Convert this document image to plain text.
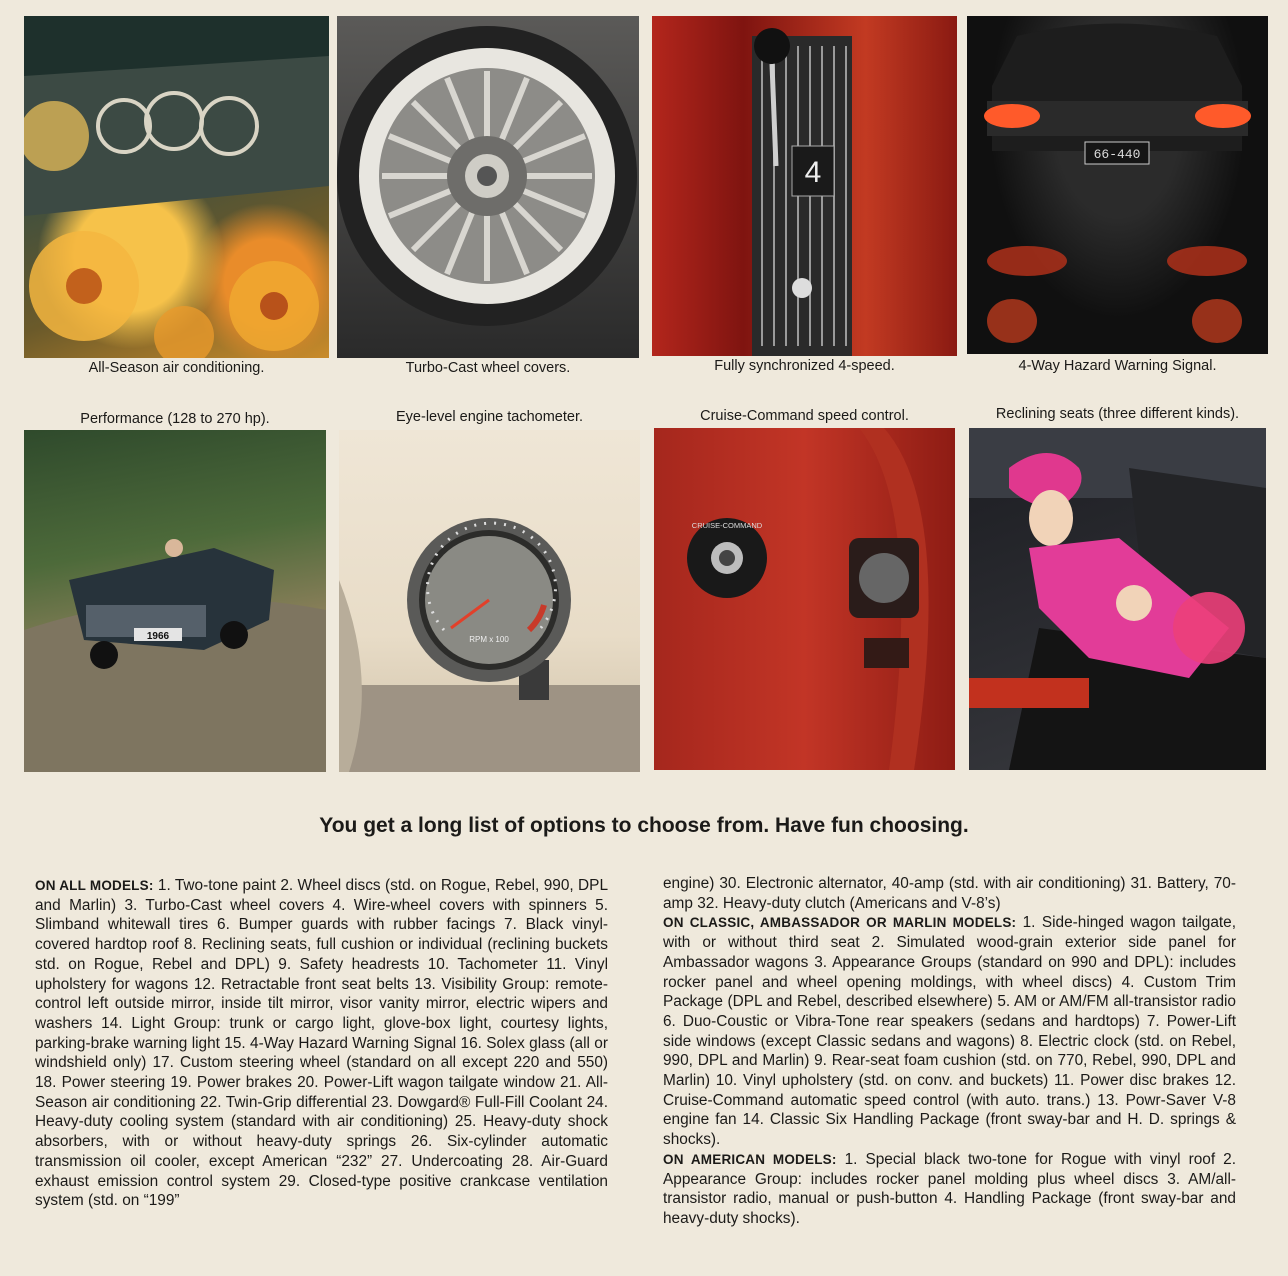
All-Season air conditioning.	Turbo-Cast wheel covers.
4
Fully synchronized 4-speed.
66-440
4-Way Hazard Warning Signal.
Performance (128 to 270 hp).	Eye-level engine tachometer.	Cruise-Command speed control.	Reclining seats (three different kinds).
1966	RPM x 100
CRUISE-COMMAND
You get a long list of options to choose from. Have fun choosing.
ON ALL MODELS: 1. Two-tone paint 2. Wheel discs (std. on Rogue, Rebel, 990, DPL and Marlin) 3. Turbo-Cast wheel covers 4. Wire-wheel covers with spinners 5. Slimband whitewall tires 6. Bumper guards with rubber facings 7. Black vinyl-covered hardtop roof 8. Reclining seats, full cushion or individual (reclining buckets std. on Rogue, Rebel and DPL) 9. Safety headrests 10. Tachometer 11. Vinyl upholstery for wagons 12. Retractable front seat belts 13. Visibility Group: remote-control left outside mirror, inside tilt mirror, visor vanity mirror, electric wipers and washers 14. Light Group: trunk or cargo light, glove-box light, courtesy lights, parking-brake warning light 15. 4-Way Hazard Warning Signal 16. Solex glass (all or windshield only) 17. Custom steering wheel (standard on all except 220 and 550) 18. Power steering 19. Power brakes 20. Power-Lift wagon tailgate window 21. All-Season air conditioning 22. Twin-Grip differential 23. Dowgard® Full-Fill Coolant 24. Heavy-duty cooling system (standard with air conditioning) 25. Heavy-duty shock absorbers, with or without heavy-duty springs 26. Six-cylinder automatic transmission oil cooler, except American “232” 27. Undercoating 28. Air-Guard exhaust emission control system 29. Closed-type positive crankcase ventilation system (std. on “199”
engine) 30. Electronic alternator, 40-amp (std. with air conditioning) 31. Battery, 70-amp 32. Heavy-duty clutch (Americans and V-8’s)
ON CLASSIC, AMBASSADOR OR MARLIN MODELS: 1. Side-hinged wagon tailgate, with or without third seat 2. Simulated wood-grain exterior side panel for Ambassador wagons 3. Appearance Groups (standard on 990 and DPL): includes rocker panel and wheel opening moldings, with wheel discs) 4. Custom Trim Package (DPL and Rebel, described elsewhere) 5. AM or AM/FM all-transistor radio 6. Duo-Coustic or Vibra-Tone rear speakers (sedans and hardtops) 7. Power-Lift side windows (except Classic sedans and wagons) 8. Electric clock (std. on Rebel, 990, DPL and Marlin) 9. Rear-seat foam cushion (std. on 770, Rebel, 990, DPL and Marlin) 10. Vinyl upholstery (std. on conv. and buckets) 11. Power disc brakes 12. Cruise-Command automatic speed control (with auto. trans.) 13. Powr-Saver V-8 engine fan 14. Classic Six Handling Package (front sway-bar and H. D. springs & shocks).
ON AMERICAN MODELS: 1. Special black two-tone for Rogue with vinyl roof 2. Appearance Group: includes rocker panel molding plus wheel discs 3. AM/all-transistor radio, manual or push-button 4. Handling Package (front sway-bar and heavy-duty shocks).
